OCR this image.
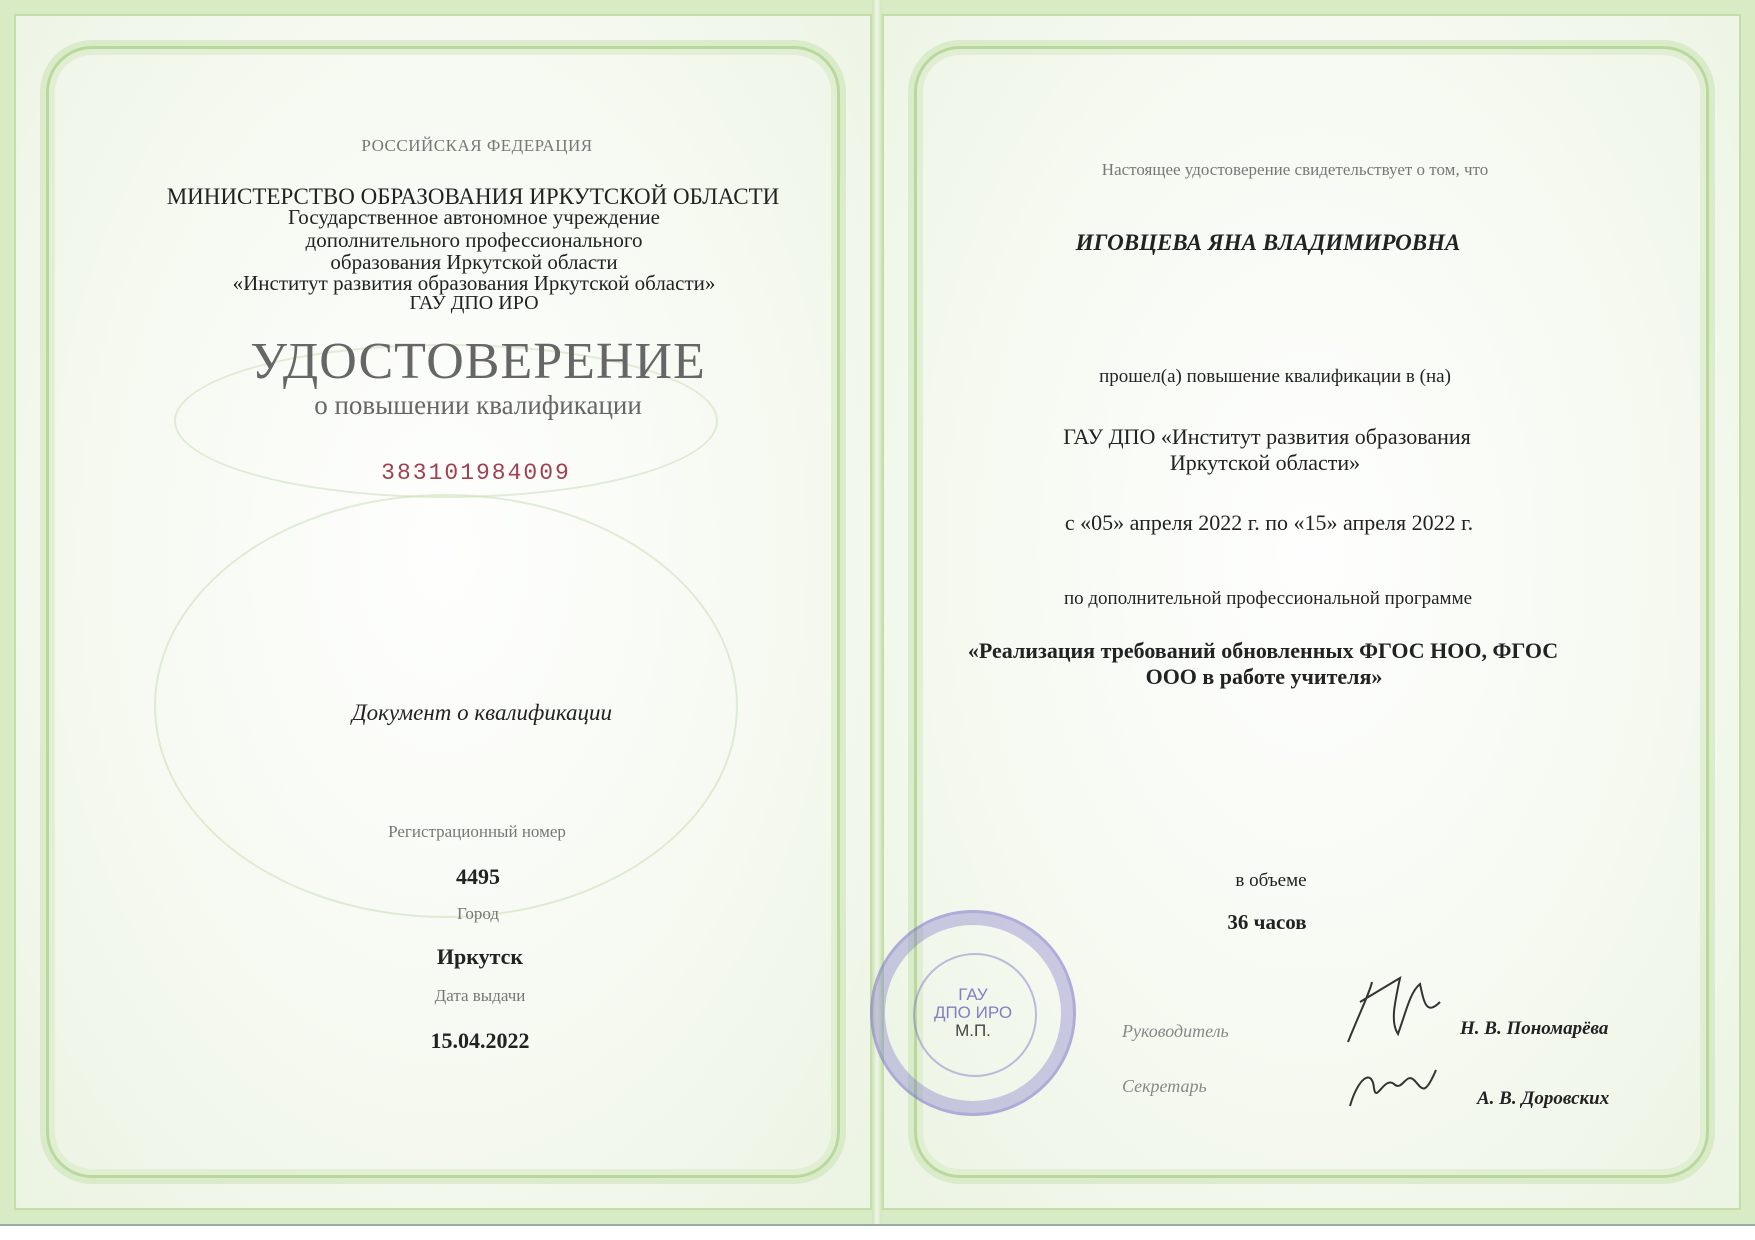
РОССИЙСКАЯ ФЕДЕРАЦИЯ
МИНИСТЕРСТВО ОБРАЗОВАНИЯ ИРКУТСКОЙ ОБЛАСТИ
Государственное автономное учреждение
дополнительного профессионального
образования Иркутской области
«Институт развития образования Иркутской области»
ГАУ ДПО ИРО
УДОСТОВЕРЕНИЕ
о повышении квалификации
383101984009
Документ о квалификации
Регистрационный номер
4495
Город
Иркутск
Дата выдачи
15.04.2022
Настоящее удостоверение свидетельствует о том, что
ИГОВЦЕВА ЯНА ВЛАДИМИРОВНА
прошел(а) повышение квалификации в (на)
ГАУ ДПО «Институт развития образования
Иркутской области»
с «05» апреля 2022 г. по «15» апреля 2022 г.
по дополнительной профессиональной программе
«Реализация требований обновленных ФГОС НОО, ФГОС
ООО в работе учителя»
в объеме
36 часов
Руководитель	Н. В. Пономарёва
Секретарь
А. В. Доровских
ГАУ
ДПО ИРО
М.П.
